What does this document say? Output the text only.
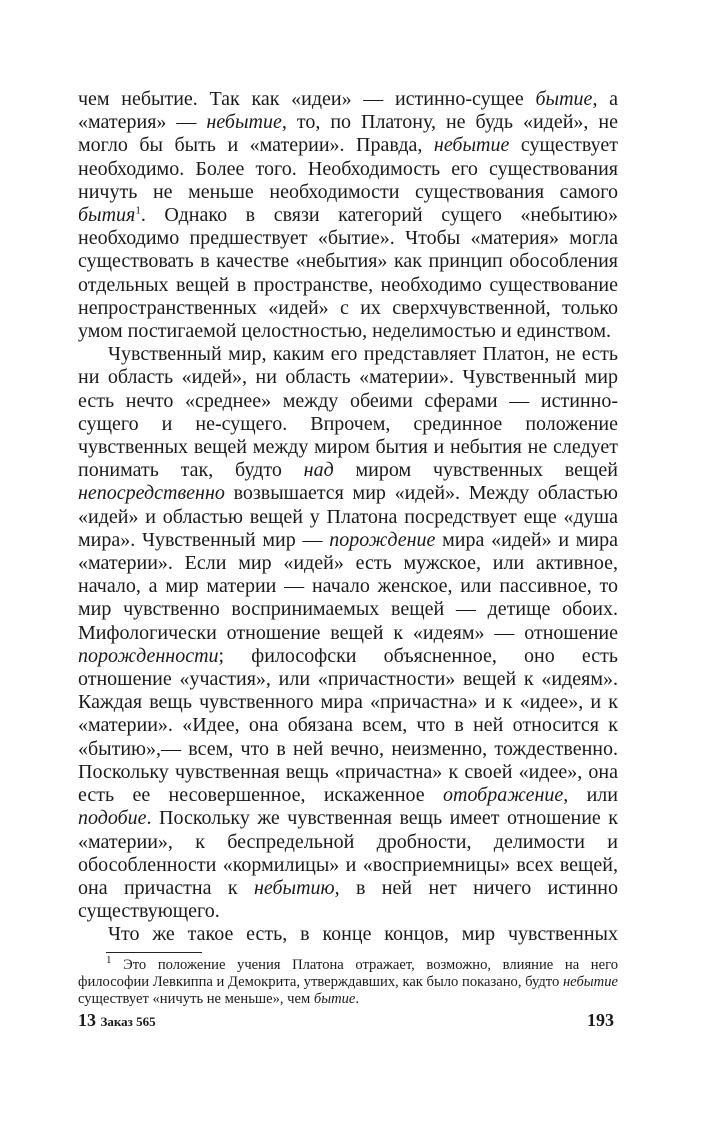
чем небытие. Так как «идеи» — истинно-сущее бытие, а «материя» — небытие, то, по Платону, не будь «идей», не могло бы быть и «материи». Правда, небытие существует необходимо. Более того. Необходимость его существования ничуть не меньше необходимости существования самого бытия$^1$. Однако в связи категорий сущего «небытию» необходимо предшествует «бытие». Чтобы «материя» могла существовать в качестве «небытия» как принцип обособления отдельных вещей в пространстве, необходимо существование непространственных «идей» с их сверхчувственной, только умом постигаемой целостностью, неделимостью и единством.

Чувственный мир, каким его представляет Платон, не есть ни область «идей», ни область «материи». Чувственный мир есть нечто «среднее» между обеими сферами — истинно-сущего и не-сущего. Впрочем, срединное положение чувственных вещей между миром бытия и небытия не следует понимать так, будто над миром чувственных вещей непосредственно возвышается мир «идей». Между областью «идей» и областью вещей у Платона посредствует еще «душа мира». Чувственный мир — порождение мира «идей» и мира «материи». Если мир «идей» есть мужское, или активное, начало, а мир материи — начало женское, или пассивное, то мир чувственно воспринимаемых вещей — детище обоих. Мифологически отношение вещей к «идеям» — отношение порожденности; философски объясненное, оно есть отношение «участия», или «причастности» вещей к «идеям». Каждая вещь чувственного мира «причастна» и к «идее», и к «материи». «Идее, она обязана всем, что в ней относится к «бытию»,— всем, что в ней вечно, неизменно, тождественно. Поскольку чувственная вещь «причастна» к своей «идее», она есть ее несовершенное, искаженное отображение, или подобие. Поскольку же чувственная вещь имеет отношение к «материи», к беспредельной дробности, делимости и обособленности «кормилицы» и «восприемницы» всех вещей, она причастна к небытию, в ней нет ничего истинно существующего.

Что же такое есть, в конце концов, мир чувственных

$^1$ Это положение учения Платона отражает, возможно, влияние на него философии Левкиппа и Демокрита, утверждавших, как было показано, будто небытие существует «ничуть не меньше», чем бытие.

13 Заказ 565	193
